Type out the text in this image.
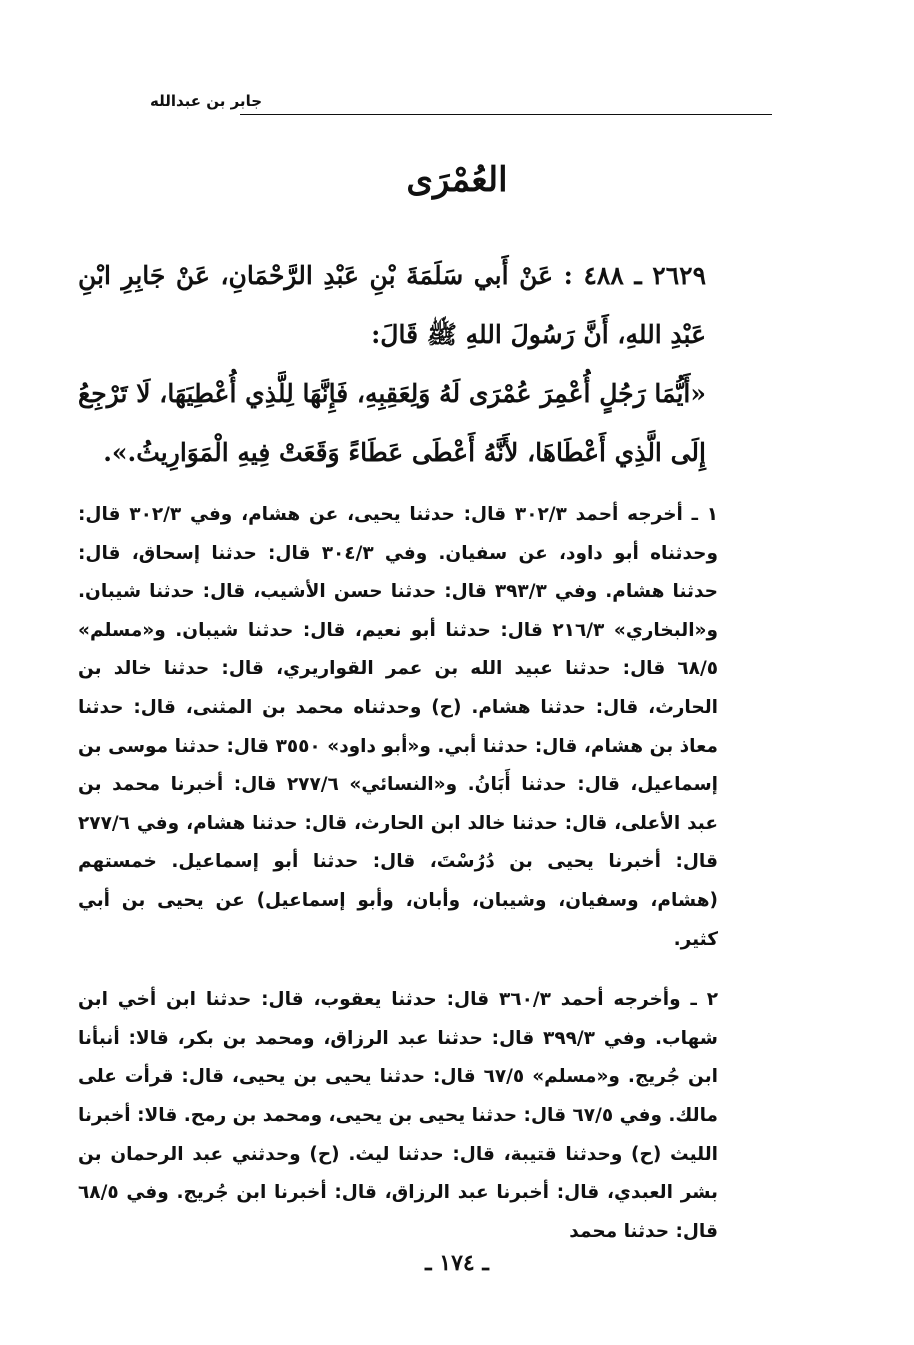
جابر بن عبدالله
العُمْرَى

٢٦٢٩ ـ ٤٨٨ : عَنْ أَبي سَلَمَةَ بْنِ عَبْدِ الرَّحْمَانِ، عَنْ جَابِرِ ابْنِ عَبْدِ اللهِ، أَنَّ رَسُولَ اللهِ ﷺ قَالَ:

«أَيُّمَا رَجُلٍ أُعْمِرَ عُمْرَى لَهُ وَلِعَقِبِهِ، فَإِنَّهَا لِلَّذِي أُعْطِيَهَا، لَا تَرْجِعُ إِلَى الَّذِي أَعْطَاهَا، لأَنَّهُ أَعْطَى عَطَاءً وَقَعَتْ فِيهِ الْمَوَارِيثُ.».

١ ـ أخرجه أحمد ٣٠٢/٣ قال: حدثنا يحيى، عن هشام، وفي ٣٠٢/٣ قال: وحدثناه أبو داود، عن سفيان. وفي ٣٠٤/٣ قال: حدثنا إسحاق، قال: حدثنا هشام. وفي ٣٩٣/٣ قال: حدثنا حسن الأشيب، قال: حدثنا شيبان. و«البخاري» ٢١٦/٣ قال: حدثنا أبو نعيم، قال: حدثنا شيبان. و«مسلم» ٦٨/٥ قال: حدثنا عبيد الله بن عمر القواريري، قال: حدثنا خالد بن الحارث، قال: حدثنا هشام. (ح) وحدثناه محمد بن المثنى، قال: حدثنا معاذ بن هشام، قال: حدثنا أبي. و«أبو داود» ٣٥٥٠ قال: حدثنا موسى بن إسماعيل، قال: حدثنا أَبَانُ. و«النسائي» ٢٧٧/٦ قال: أخبرنا محمد بن عبد الأعلى، قال: حدثنا خالد ابن الحارث، قال: حدثنا هشام، وفي ٢٧٧/٦ قال: أخبرنا يحيى بن دُرُسْتَ، قال: حدثنا أبو إسماعيل. خمستهم (هشام، وسفيان، وشيبان، وأبان، وأبو إسماعيل) عن يحيى بن أبي كثير.

٢ ـ وأخرجه أحمد ٣٦٠/٣ قال: حدثنا يعقوب، قال: حدثنا ابن أخي ابن شهاب. وفي ٣٩٩/٣ قال: حدثنا عبد الرزاق، ومحمد بن بكر، قالا: أنبأنا ابن جُريج. و«مسلم» ٦٧/٥ قال: حدثنا يحيى بن يحيى، قال: قرأت على مالك. وفي ٦٧/٥ قال: حدثنا يحيى بن يحيى، ومحمد بن رمح. قالا: أخبرنا الليث (ح) وحدثنا قتيبة، قال: حدثنا ليث. (ح) وحدثني عبد الرحمان بن بشر العبدي، قال: أخبرنا عبد الرزاق، قال: أخبرنا ابن جُريج. وفي ٦٨/٥ قال: حدثنا محمد

ـ ١٧٤ ـ
